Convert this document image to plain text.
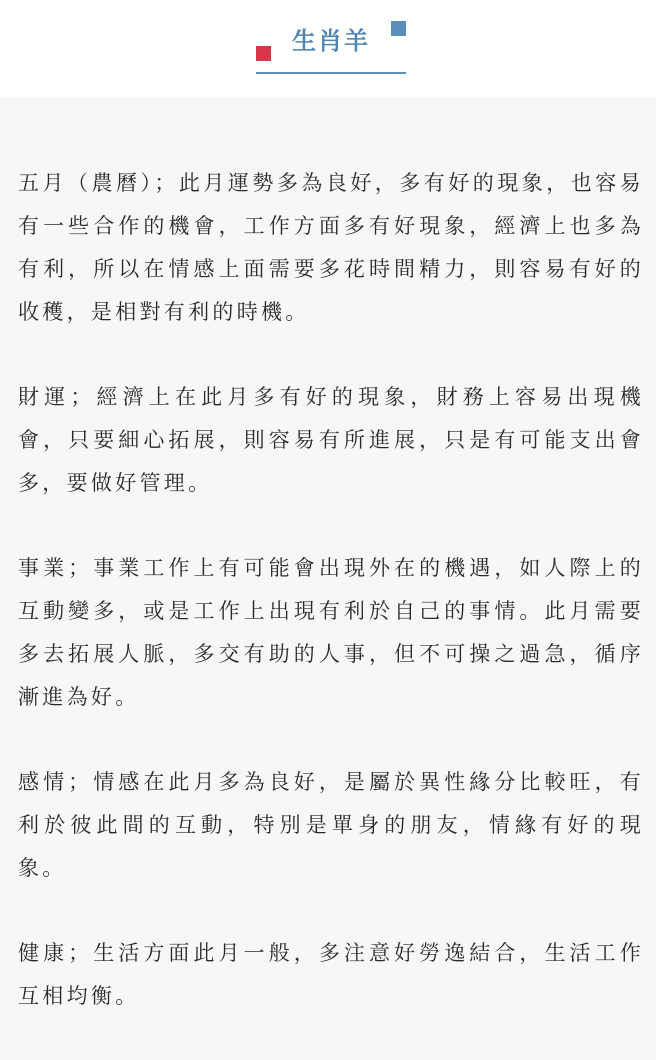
生肖羊

五月（農曆）；此月運勢多為良好，多有好的現象，也容易有一些合作的機會，工作方面多有好現象，經濟上也多為有利，所以在情感上面需要多花時間精力，則容易有好的收穫，是相對有利的時機。

財運；經濟上在此月多有好的現象，財務上容易出現機會，只要細心拓展，則容易有所進展，只是有可能支出會多，要做好管理。

事業；事業工作上有可能會出現外在的機遇，如人際上的互動變多，或是工作上出現有利於自己的事情。此月需要多去拓展人脈，多交有助的人事，但不可操之過急，循序漸進為好。

感情；情感在此月多為良好，是屬於異性緣分比較旺，有利於彼此間的互動，特別是單身的朋友，情緣有好的現象。

健康；生活方面此月一般，多注意好勞逸結合，生活工作互相均衡。
